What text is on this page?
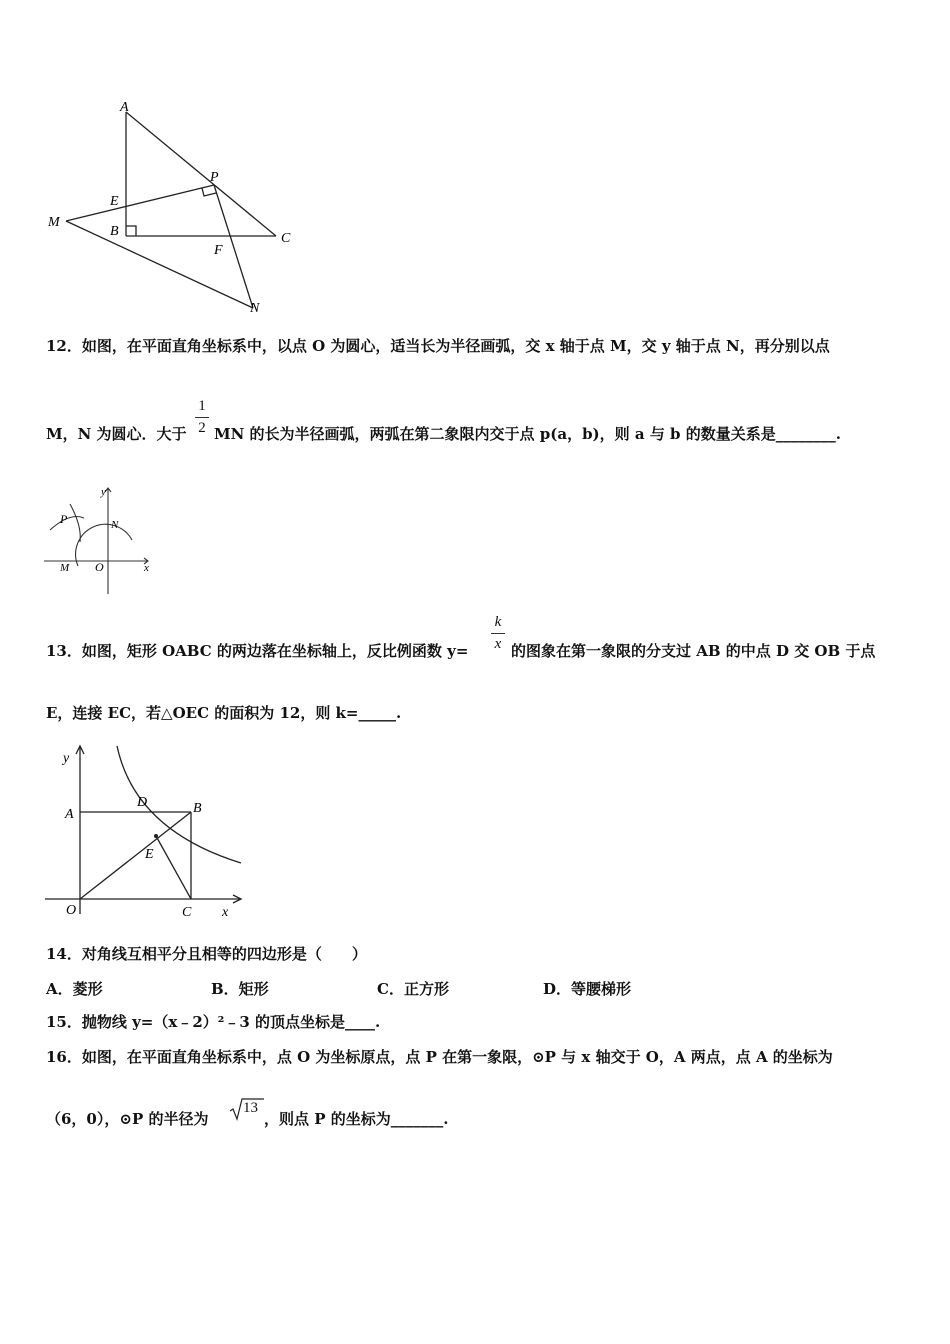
A
P
E
M
B	C
F
N
12．如图，在平面直角坐标系中，以点 O 为圆心，适当长为半径画弧，交 x 轴于点 M，交 y 轴于点 N，再分别以点
1
2
M，N 为圆心．大于 MN 的长为半径画弧，两弧在第二象限内交于点 p(a，b)，则 a 与 b 的数量关系是________.
y
P	N
M O	x
13．如图，矩形 OABC 的两边落在坐标轴上，反比例函数 y=
k
x 的图象在第一象限的分支过 AB 的中点 D 交 OB 于点
E，连接 EC，若△OEC 的面积为 12，则 k=_____.
y
A
D	B
E
O	C x
14．对角线互相平分且相等的四边形是（　　）
A．菱形	B．矩形	C．正方形	D．等腰梯形
15．抛物线 y=（x﹣2）²﹣3 的顶点坐标是____.
16．如图，在平面直角坐标系中，点 O 为坐标原点，点 P 在第一象限，⊙P 与 x 轴交于 O，A 两点，点 A 的坐标为
（6，0），⊙P 的半径为
13
，则点 P 的坐标为_______.
